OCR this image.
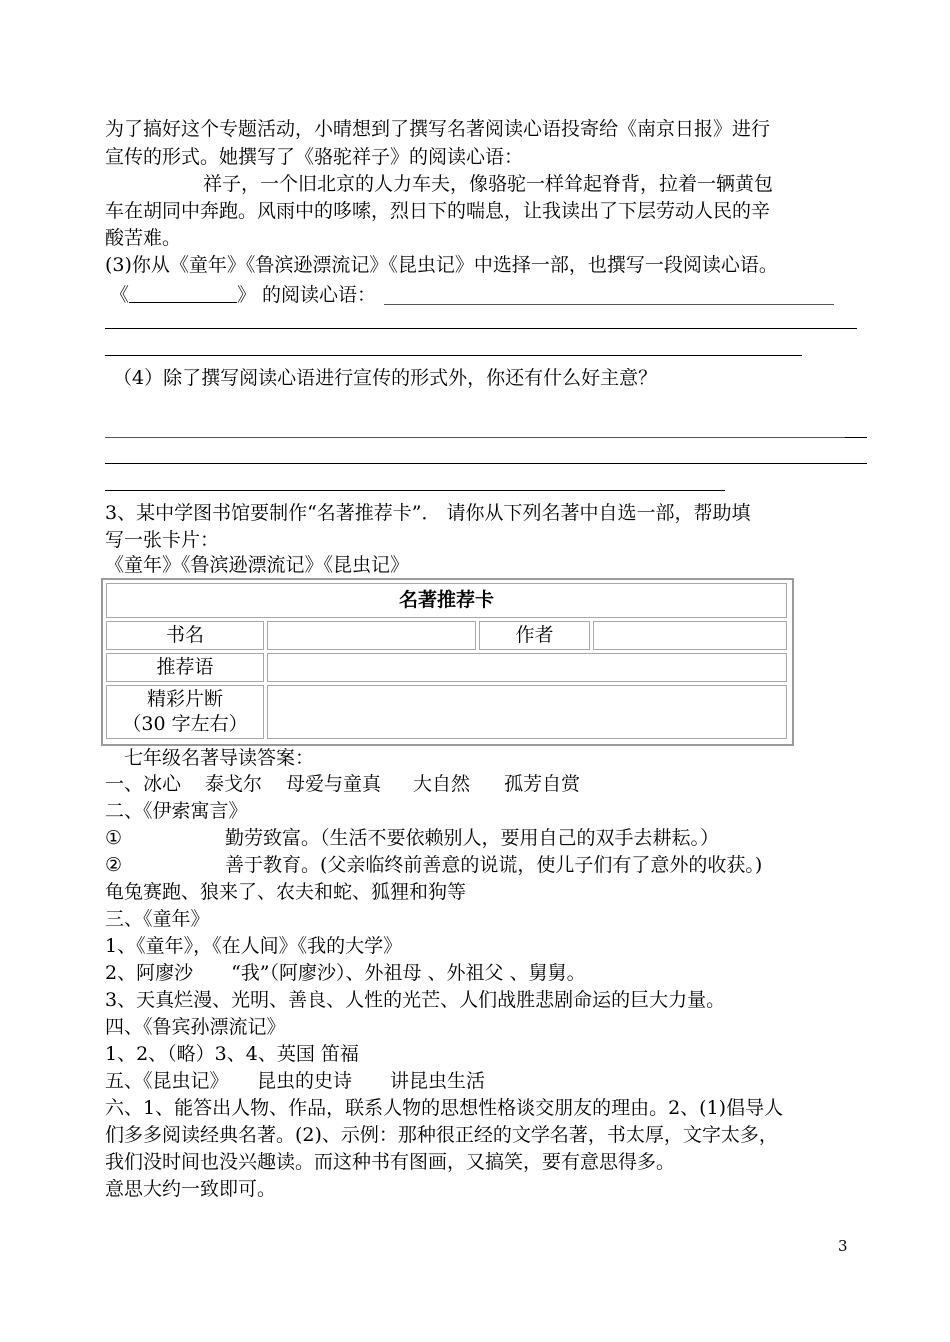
为了搞好这个专题活动，小晴想到了撰写名著阅读心语投寄给《南京日报》进行
宣传的形式。她撰写了《骆驼祥子》的阅读心语：
祥子，一个旧北京的人力车夫，像骆驼一样耸起脊背，拉着一辆黄包
车在胡同中奔跑。风雨中的哆嗦，烈日下的喘息，让我读出了下层劳动人民的辛
酸苦难。
(3)你从《童年》《鲁滨逊漂流记》《昆虫记》中选择一部，也撰写一段阅读心语。
《	》 的阅读心语：
（4）除了撰写阅读心语进行宣传的形式外，你还有什么好主意？
3、某中学图书馆要制作“名著推荐卡”． 请你从下列名著中自选一部，帮助填
写一张卡片：
《童年》《鲁滨逊漂流记》《昆虫记》
名著推荐卡
书名	作者
推荐语
精彩片断
（30 字左右）
七年级名著导读答案：
一、冰心 泰戈尔 母爱与童真 大自然 孤芳自赏
二、《伊索寓言》
①	勤劳致富。（生活不要依赖别人，要用自己的双手去耕耘。）
②	善于教育。(父亲临终前善意的说谎，使儿子们有了意外的收获。)
龟兔赛跑、狼来了、农夫和蛇、狐狸和狗等
三、《童年》
1、《童年》，《在人间》《我的大学》
2、阿廖沙　　“我”（阿廖沙）、外祖母 、外祖父 、舅舅。
3、天真烂漫、光明、善良、人性的光芒、人们战胜悲剧命运的巨大力量。
四、《鲁宾孙漂流记》
1、2、（略）3、4、英国 笛福
五、《昆虫记》　　昆虫的史诗　　讲昆虫生活
六、1、能答出人物、作品，联系人物的思想性格谈交朋友的理由。2、(1)倡导人
们多多阅读经典名著。(2)、示例：那种很正经的文学名著，书太厚，文字太多，
我们没时间也没兴趣读。而这种书有图画，又搞笑，要有意思得多。
意思大约一致即可。
3
